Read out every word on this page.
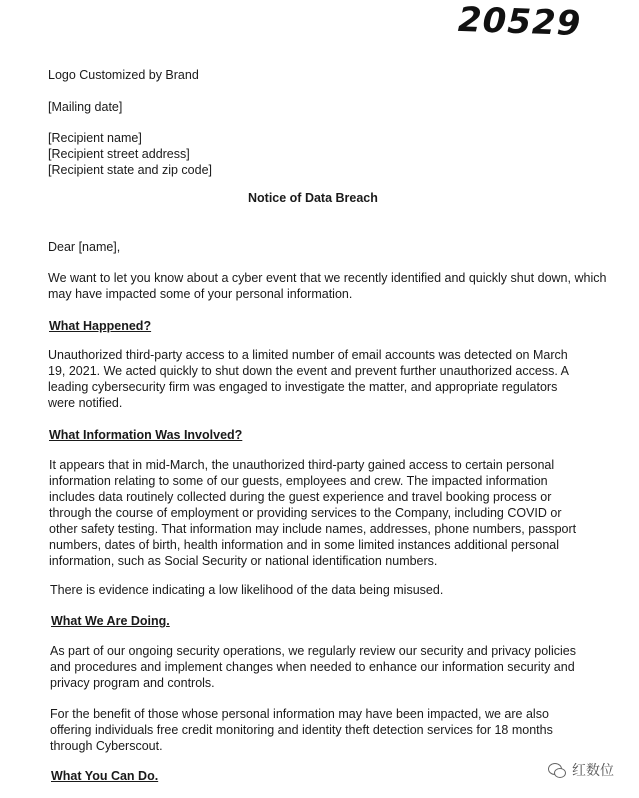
20529
Logo Customized by Brand
[Mailing date]
[Recipient name]
[Recipient street address]
[Recipient state and zip code]
Notice of Data Breach
Dear [name],
We want to let you know about a cyber event that we recently identified and quickly shut down, which may have impacted some of your personal information.
What Happened?
Unauthorized third-party access to a limited number of email accounts was detected on March 19, 2021. We acted quickly to shut down the event and prevent further unauthorized access. A leading cybersecurity firm was engaged to investigate the matter, and appropriate regulators were notified.
What Information Was Involved?
It appears that in mid-March, the unauthorized third-party gained access to certain personal information relating to some of our guests, employees and crew. The impacted information includes data routinely collected during the guest experience and travel booking process or through the course of employment or providing services to the Company, including COVID or other safety testing. That information may include names, addresses, phone numbers, passport numbers, dates of birth, health information and in some limited instances additional personal information, such as Social Security or national identification numbers.
There is evidence indicating a low likelihood of the data being misused.
What We Are Doing.
As part of our ongoing security operations, we regularly review our security and privacy policies and procedures and implement changes when needed to enhance our information security and privacy program and controls.
For the benefit of those whose personal information may have been impacted, we are also offering individuals free credit monitoring and identity theft detection services for 18 months through Cyberscout.
What You Can Do.	红数位
